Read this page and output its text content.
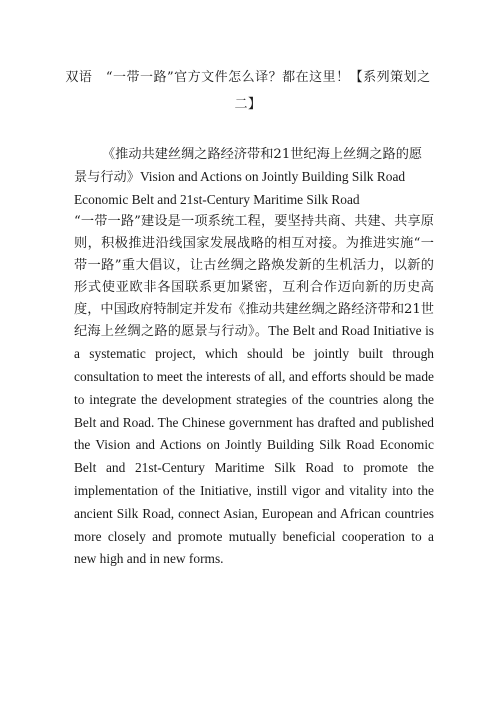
双语　“一带一路”官方文件怎么译？都在这里！【系列策划之二】

《推动共建丝绸之路经济带和21世纪海上丝绸之路的愿景与行动》Vision and Actions on Jointly Building Silk Road Economic Belt and 21st-Century Maritime Silk Road

“一带一路”建设是一项系统工程，要坚持共商、共建、共享原则，积极推进沿线国家发展战略的相互对接。为推进实施“一带一路”重大倡议，让古丝绸之路焕发新的生机活力，以新的形式使亚欧非各国联系更加紧密，互利合作迈向新的历史高度，中国政府特制定并发布《推动共建丝绸之路经济带和21世纪海上丝绸之路的愿景与行动》。The Belt and Road Initiative is a systematic project, which should be jointly built through consultation to meet the interests of all, and efforts should be made to integrate the development strategies of the countries along the Belt and Road. The Chinese government has drafted and published the Vision and Actions on Jointly Building Silk Road Economic Belt and 21st-Century Maritime Silk Road to promote the implementation of the Initiative, instill vigor and vitality into the ancient Silk Road, connect Asian, European and African countries more closely and promote mutually beneficial cooperation to a new high and in new forms.
